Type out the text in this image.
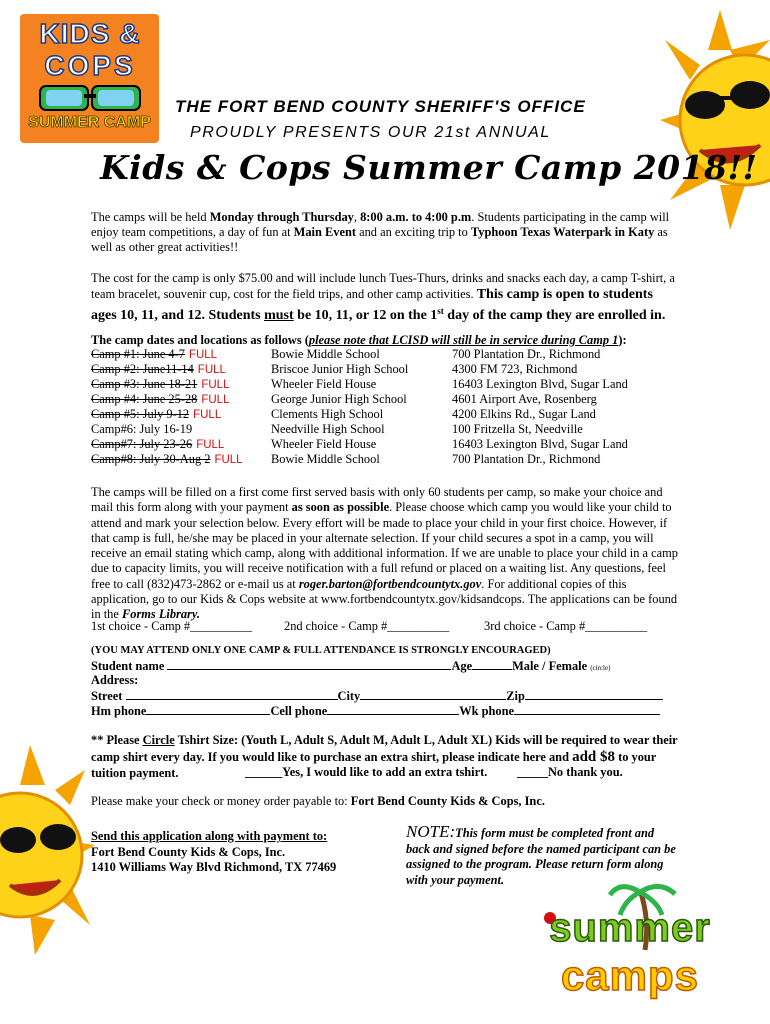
KIDS &
COPS
SUMMER CAMP
summer
camps
THE FORT BEND COUNTY SHERIFF'S OFFICE
PROUDLY PRESENTS OUR 21st ANNUAL
Kids & Cops Summer Camp 2018!!
The camps will be held Monday through Thursday, 8:00 a.m. to 4:00 p.m. Students participating in the camp will enjoy team competitions, a day of fun at Main Event and an exciting trip to Typhoon Texas Waterpark in Katy as well as other great activities!!
The cost for the camp is only $75.00 and will include lunch Tues-Thurs, drinks and snacks each day, a camp T-shirt, a team bracelet, souvenir cup, cost for the field trips, and other camp activities. This camp is open to students ages 10, 11, and 12. Students must be 10, 11, or 12 on the 1st day of the camp they are enrolled in.
The camp dates and locations as follows (please note that LCISD will still be in service during Camp 1):
Camp #1: June 4-7 FULL	Bowie Middle School	700 Plantation Dr., Richmond
Camp #2: June11-14 FULL	Briscoe Junior High School	4300 FM 723, Richmond
Camp #3: June 18-21 FULL	Wheeler Field House	16403 Lexington Blvd, Sugar Land
Camp #4: June 25-28 FULL	George Junior High School	4601 Airport Ave, Rosenberg
Camp #5: July 9-12 FULL	Clements High School	4200 Elkins Rd., Sugar Land
Camp#6: July 16-19	Needville High School	100 Fritzella St, Needville
Camp#7: July 23-26 FULL	Wheeler Field House	16403 Lexington Blvd, Sugar Land
Camp#8: July 30-Aug 2 FULL Bowie Middle School	700 Plantation Dr., Richmond
The camps will be filled on a first come first served basis with only 60 students per camp, so make your choice and mail this form along with your payment as soon as possible. Please choose which camp you would like your child to attend and mark your selection below. Every effort will be made to place your child in your first choice. However, if that camp is full, he/she may be placed in your alternate selection. If your child secures a spot in a camp, you will receive an email stating which camp, along with additional information. If we are unable to place your child in a camp due to capacity limits, you will receive notification with a full refund or placed on a waiting list. Any questions, feel free to call (832)473-2862 or e-mail us at roger.barton@fortbendcountytx.gov. For additional copies of this application, go to our Kids & Cops website at www.fortbendcountytx.gov/kidsandcops. The applications can be found in the Forms Library.
1st choice - Camp #__________	2nd choice - Camp #__________	3rd choice - Camp #__________
(YOU MAY ATTEND ONLY ONE CAMP & FULL ATTENDANCE IS STRONGLY ENCOURAGED)
Student name	Age	Male / Female (circle)
Address:
Street	City	Zip
Hm phone	Cell phone	Wk phone
** Please Circle Tshirt Size: (Youth L, Adult S, Adult M, Adult L, Adult XL) Kids will be required to wear their camp shirt every day. If you would like to purchase an extra shirt, please indicate here and add $8 to your tuition payment.	______Yes, I would like to add an extra tshirt. _____No thank you.
Please make your check or money order payable to: Fort Bend County Kids & Cops, Inc.
Send this application along with payment to:
Fort Bend County Kids & Cops, Inc.
1410 Williams Way Blvd Richmond, TX 77469
NOTE:This form must be completed front and back and signed before the named participant can be assigned to the program. Please return form along with your payment.
